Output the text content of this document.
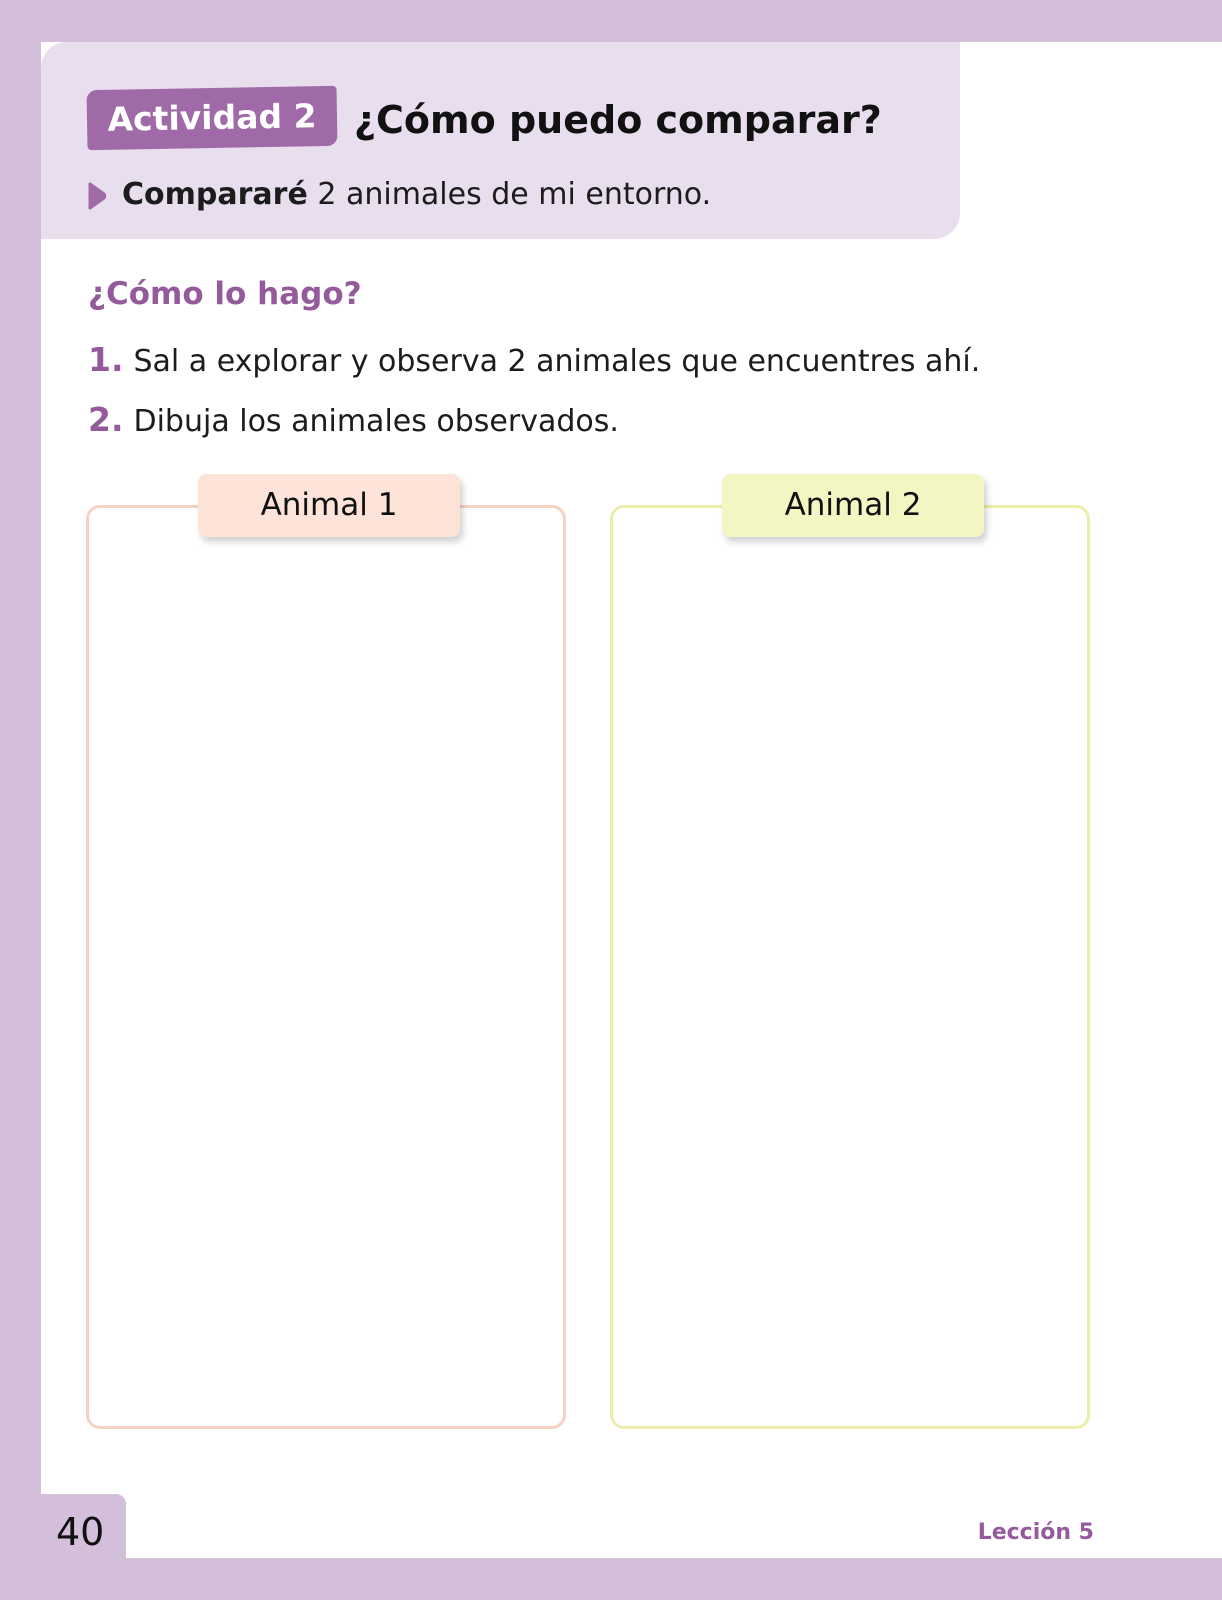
Actividad 2 ¿Cómo puedo comparar?

Compararé 2 animales de mi entorno.

¿Cómo lo hago?
1. Sal a explorar y observa 2 animales que encuentres ahí.
2. Dibuja los animales observados.
Animal 1	Animal 2

40	Lección 5
